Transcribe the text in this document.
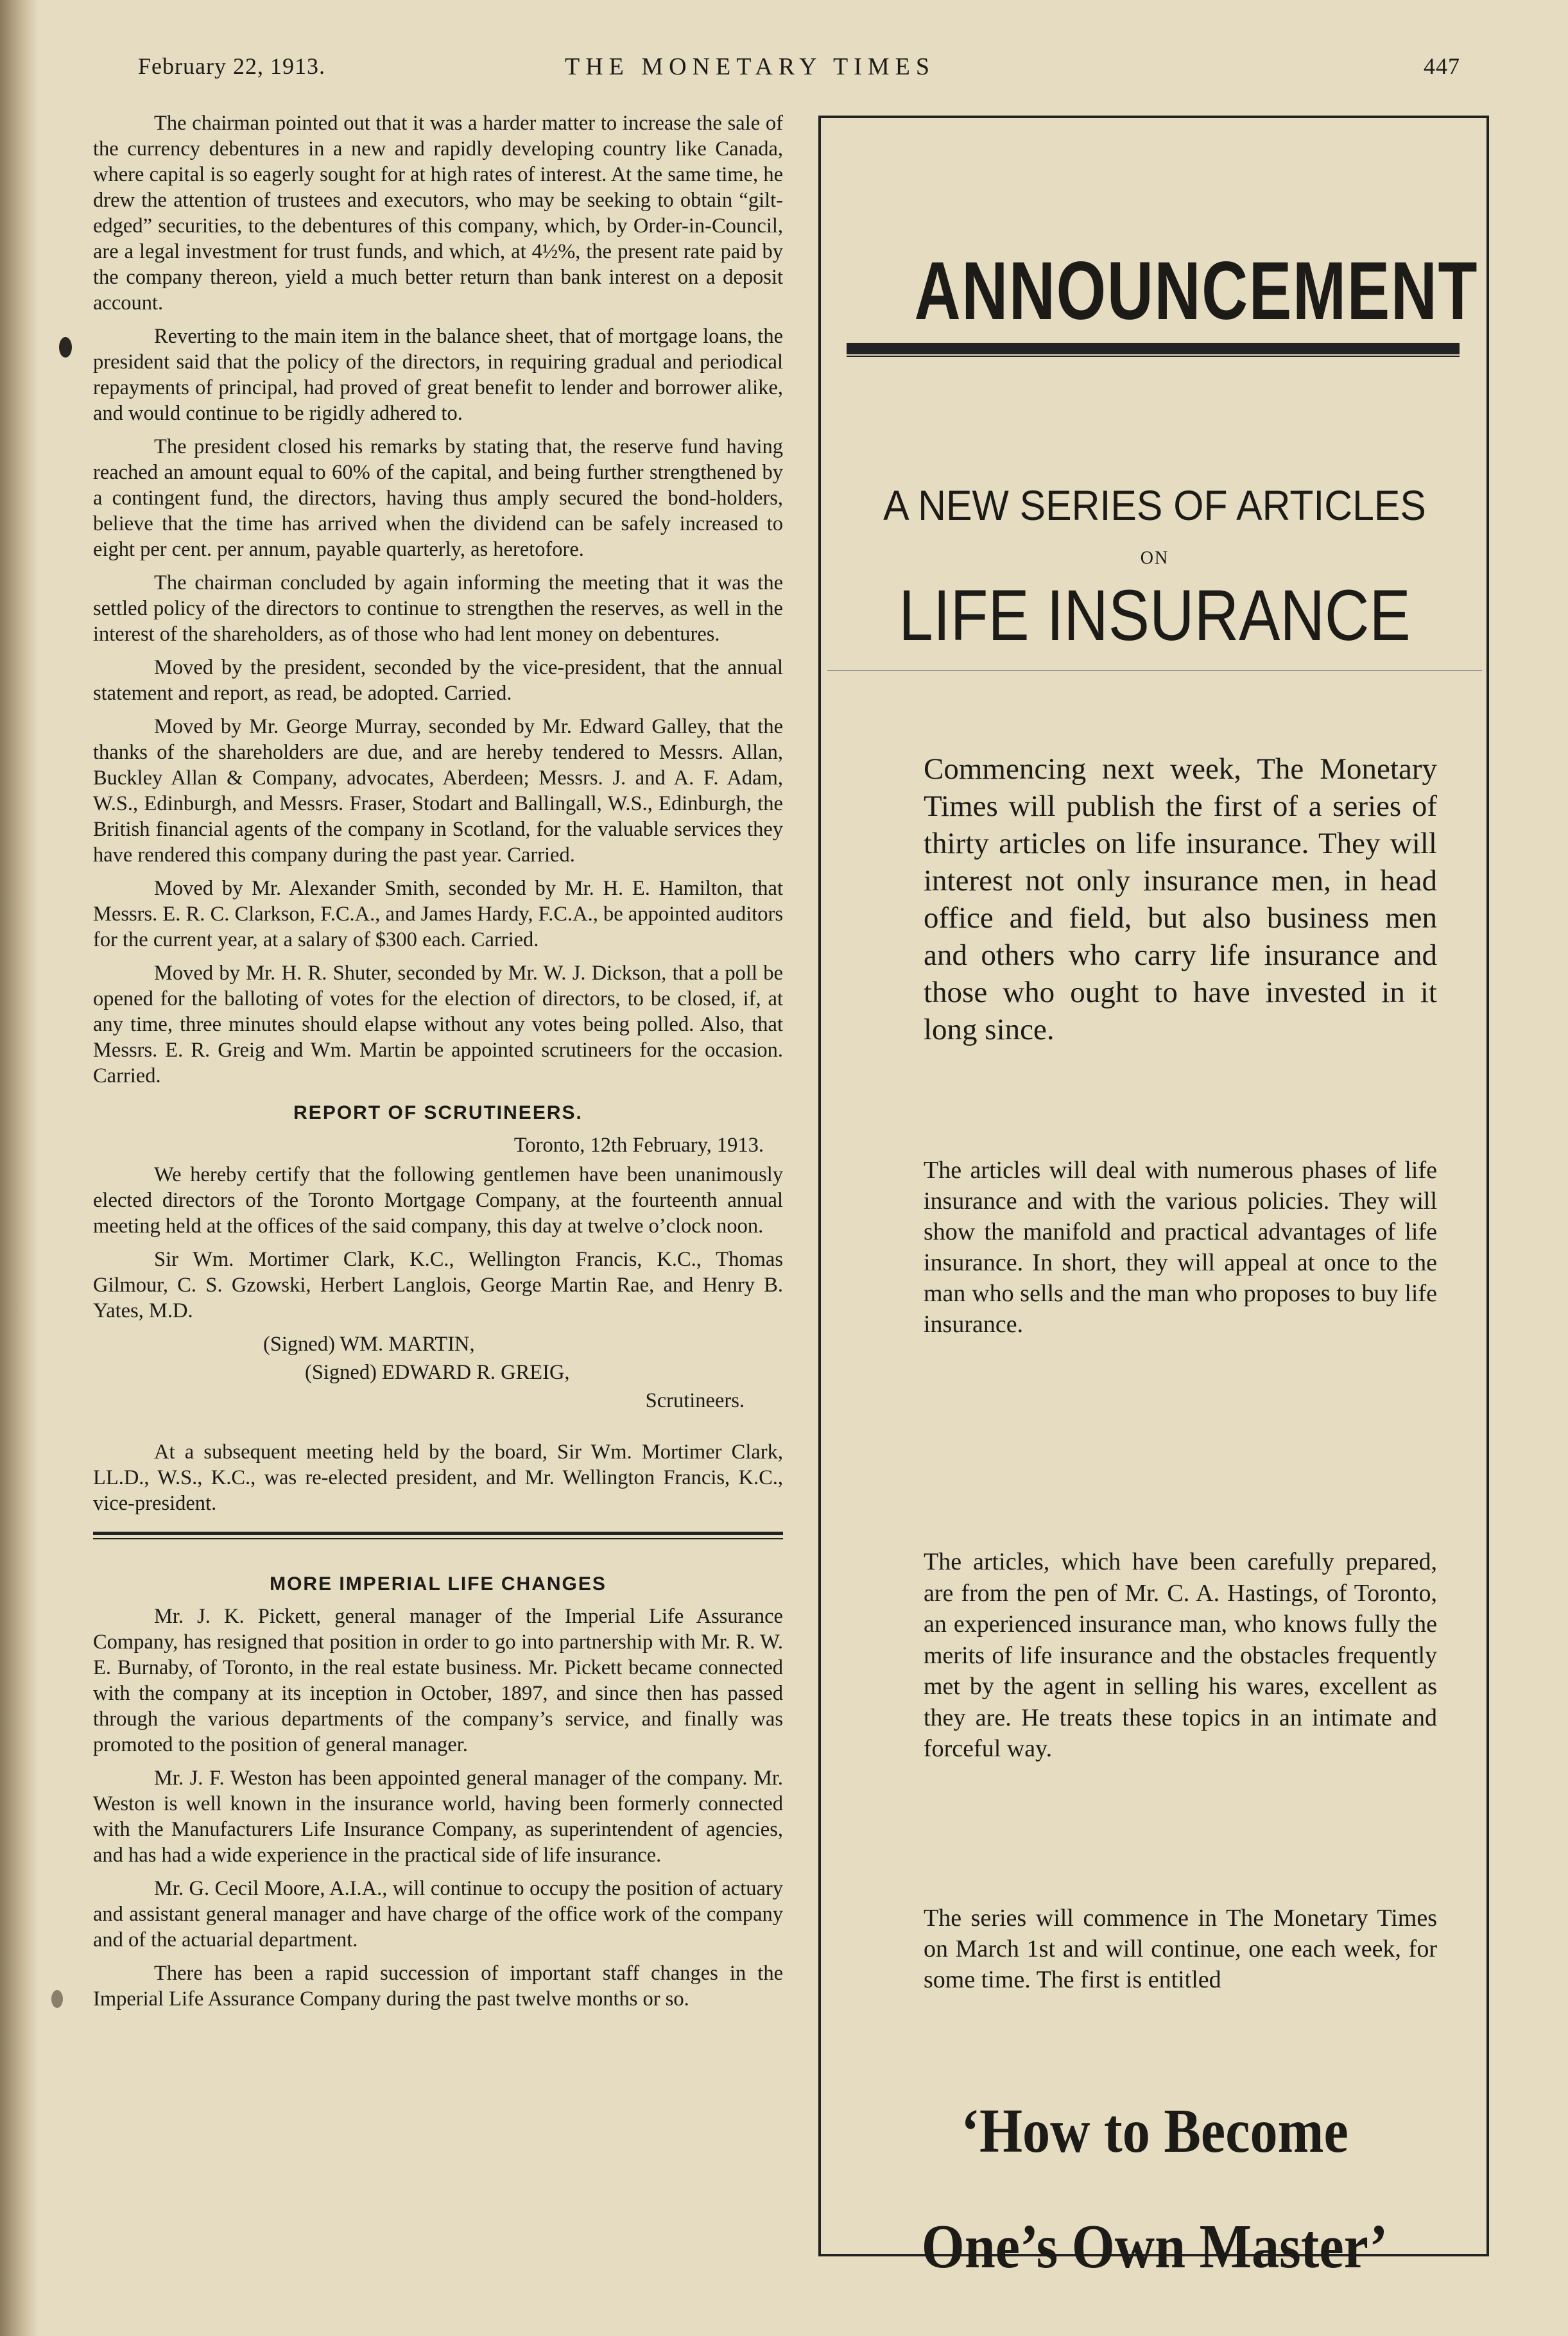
February 22, 1913.	THE MONETARY TIMES	447

The chairman pointed out that it was a harder matter to increase the sale of the currency debentures in a new and rapidly developing country like Canada, where capital is so eagerly sought for at high rates of interest. At the same time, he drew the attention of trustees and executors, who may be seeking to obtain “gilt-edged” securities, to the debentures of this company, which, by Order-in-Council, are a legal investment for trust funds, and which, at 4½%, the present rate paid by the company thereon, yield a much better return than bank interest on a deposit account.

Reverting to the main item in the balance sheet, that of mortgage loans, the president said that the policy of the directors, in requiring gradual and periodical repayments of principal, had proved of great benefit to lender and borrower alike, and would continue to be rigidly adhered to.

The president closed his remarks by stating that, the reserve fund having reached an amount equal to 60% of the capital, and being further strengthened by a contingent fund, the directors, having thus amply secured the bond-holders, believe that the time has arrived when the dividend can be safely increased to eight per cent. per annum, payable quarterly, as heretofore.

The chairman concluded by again informing the meeting that it was the settled policy of the directors to continue to strengthen the reserves, as well in the interest of the shareholders, as of those who had lent money on debentures.

Moved by the president, seconded by the vice-president, that the annual statement and report, as read, be adopted. Carried.

Moved by Mr. George Murray, seconded by Mr. Edward Galley, that the thanks of the shareholders are due, and are hereby tendered to Messrs. Allan, Buckley Allan & Company, advocates, Aberdeen; Messrs. J. and A. F. Adam, W.S., Edinburgh, and Messrs. Fraser, Stodart and Ballingall, W.S., Edinburgh, the British financial agents of the company in Scotland, for the valuable services they have rendered this company during the past year. Carried.

Moved by Mr. Alexander Smith, seconded by Mr. H. E. Hamilton, that Messrs. E. R. C. Clarkson, F.C.A., and James Hardy, F.C.A., be appointed auditors for the current year, at a salary of $300 each. Carried.

Moved by Mr. H. R. Shuter, seconded by Mr. W. J. Dickson, that a poll be opened for the balloting of votes for the election of directors, to be closed, if, at any time, three minutes should elapse without any votes being polled. Also, that Messrs. E. R. Greig and Wm. Martin be appointed scrutineers for the occasion. Carried.

REPORT OF SCRUTINEERS.
Toronto, 12th February, 1913.

We hereby certify that the following gentlemen have been unanimously elected directors of the Toronto Mortgage Company, at the fourteenth annual meeting held at the offices of the said company, this day at twelve o’clock noon.

Sir Wm. Mortimer Clark, K.C., Wellington Francis, K.C., Thomas Gilmour, C. S. Gzowski, Herbert Langlois, George Martin Rae, and Henry B. Yates, M.D.

(Signed) WM. MARTIN,
(Signed) EDWARD R. GREIG,
Scrutineers.

At a subsequent meeting held by the board, Sir Wm. Mortimer Clark, LL.D., W.S., K.C., was re-elected president, and Mr. Wellington Francis, K.C., vice-president.

MORE IMPERIAL LIFE CHANGES

Mr. J. K. Pickett, general manager of the Imperial Life Assurance Company, has resigned that position in order to go into partnership with Mr. R. W. E. Burnaby, of Toronto, in the real estate business. Mr. Pickett became connected with the company at its inception in October, 1897, and since then has passed through the various departments of the company’s service, and finally was promoted to the position of general manager.

Mr. J. F. Weston has been appointed general manager of the company. Mr. Weston is well known in the insurance world, having been formerly connected with the Manufacturers Life Insurance Company, as superintendent of agencies, and has had a wide experience in the practical side of life insurance.

Mr. G. Cecil Moore, A.I.A., will continue to occupy the position of actuary and assistant general manager and have charge of the office work of the company and of the actuarial department.

There has been a rapid succession of important staff changes in the Imperial Life Assurance Company during the past twelve months or so.

ANNOUNCEMENT
A NEW SERIES OF ARTICLES
ON
LIFE INSURANCE
Commencing next week, The Monetary Times will publish the first of a series of thirty articles on life insurance. They will interest not only insurance men, in head office and field, but also business men and others who carry life insurance and those who ought to have invested in it long since.
The articles will deal with numerous phases of life insurance and with the various policies. They will show the manifold and practical advantages of life insurance. In short, they will appeal at once to the man who sells and the man who proposes to buy life insurance.
The articles, which have been carefully prepared, are from the pen of Mr. C. A. Hastings, of Toronto, an experienced insurance man, who knows fully the merits of life insurance and the obstacles frequently met by the agent in selling his wares, excellent as they are. He treats these topics in an intimate and forceful way.
The series will commence in The Monetary Times on March 1st and will continue, one each week, for some time. The first is entitled
‘How to Become
One’s Own Master’
